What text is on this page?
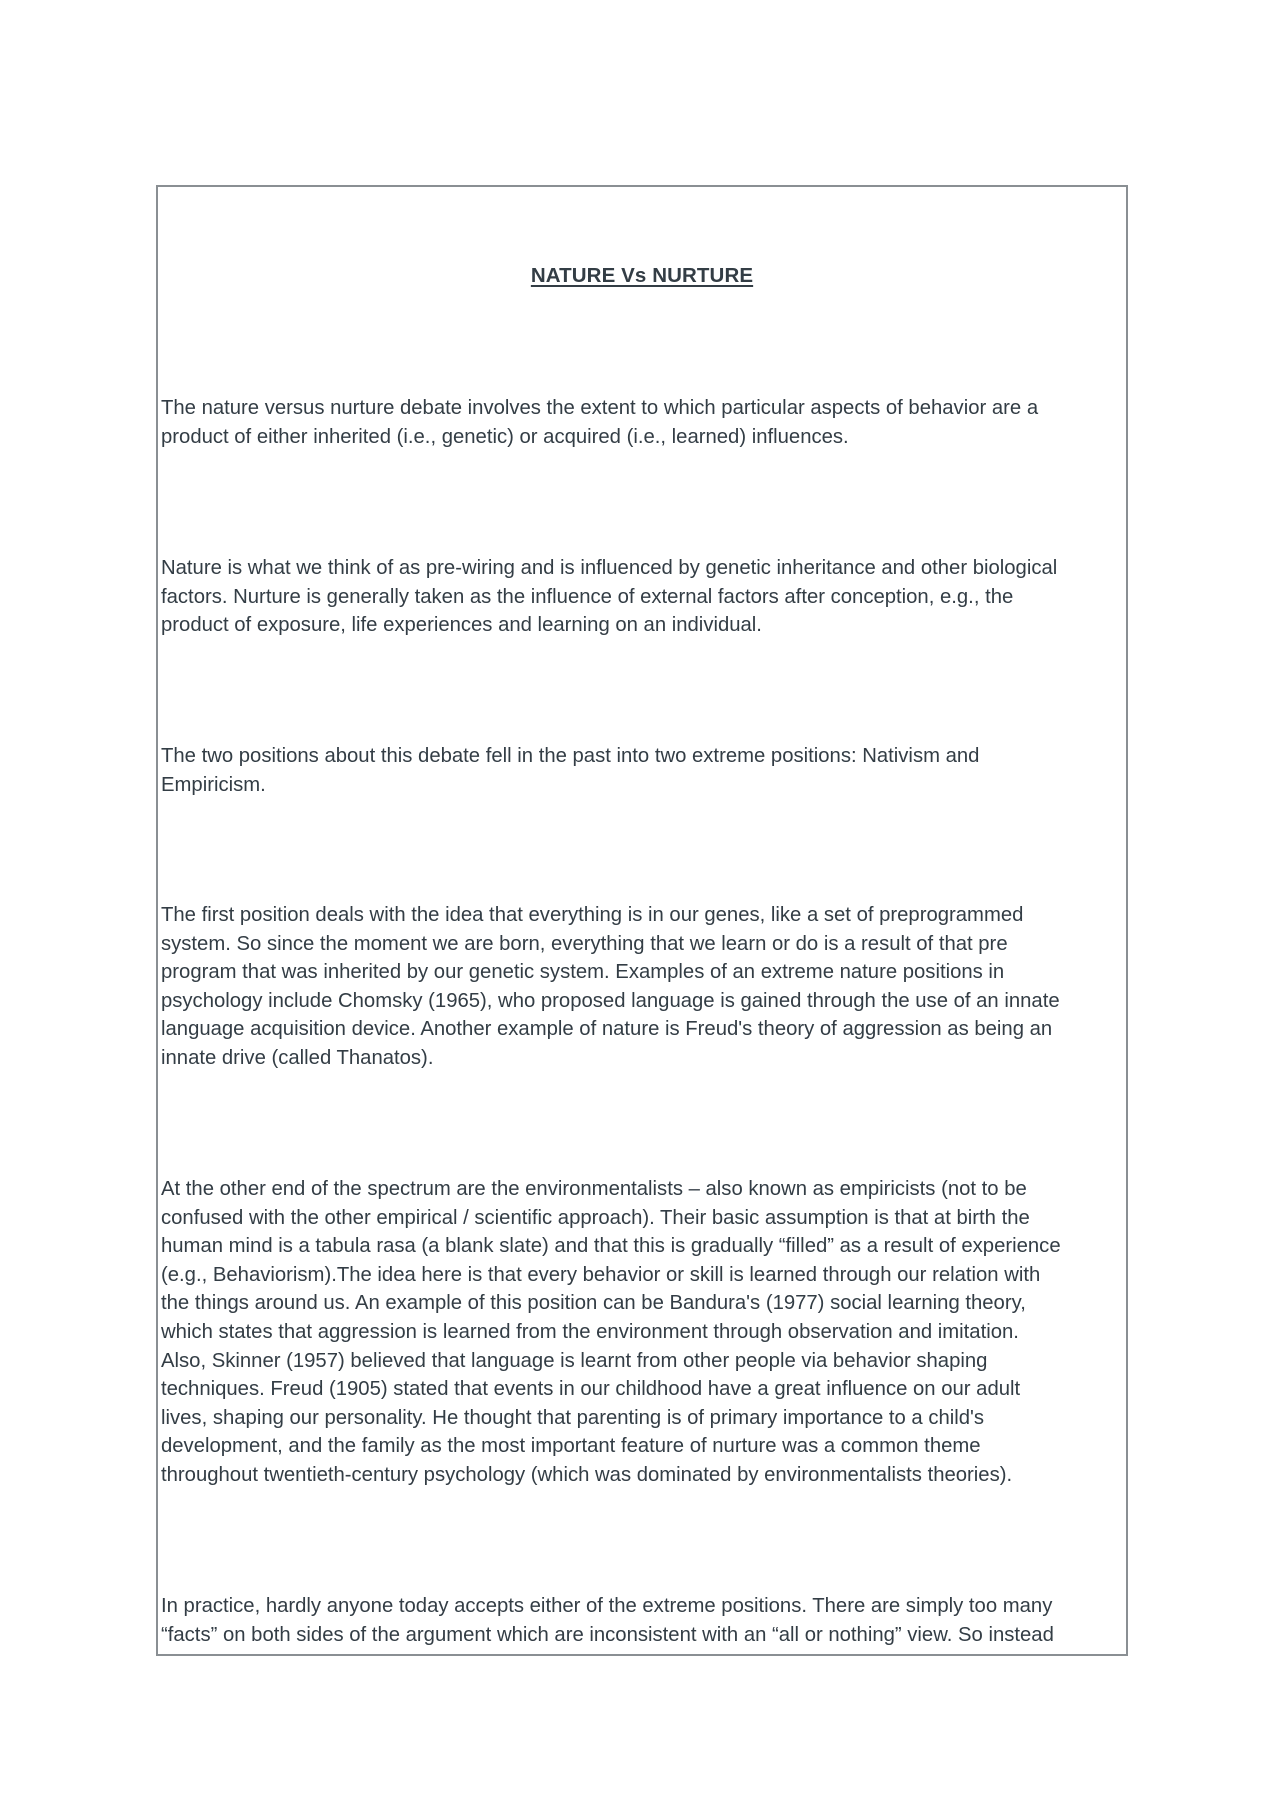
NATURE Vs NURTURE

The nature versus nurture debate involves the extent to which particular aspects of behavior are a
product of either inherited (i.e., genetic) or acquired (i.e., learned) influences.

Nature is what we think of as pre-wiring and is influenced by genetic inheritance and other biological
factors. Nurture is generally taken as the influence of external factors after conception, e.g., the
product of exposure, life experiences and learning on an individual.

The two positions about this debate fell in the past into two extreme positions: Nativism and
Empiricism.

The first position deals with the idea that everything is in our genes, like a set of preprogrammed
system. So since the moment we are born, everything that we learn or do is a result of that pre
program that was inherited by our genetic system. Examples of an extreme nature positions in
psychology include Chomsky (1965), who proposed language is gained through the use of an innate
language acquisition device. Another example of nature is Freud's theory of aggression as being an
innate drive (called Thanatos).

At the other end of the spectrum are the environmentalists – also known as empiricists (not to be
confused with the other empirical / scientific approach). Their basic assumption is that at birth the
human mind is a tabula rasa (a blank slate) and that this is gradually “filled” as a result of experience
(e.g., Behaviorism).The idea here is that every behavior or skill is learned through our relation with
the things around us. An example of this position can be Bandura's (1977) social learning theory,
which states that aggression is learned from the environment through observation and imitation.
Also, Skinner (1957) believed that language is learnt from other people via behavior shaping
techniques. Freud (1905) stated that events in our childhood have a great influence on our adult
lives, shaping our personality. He thought that parenting is of primary importance to a child's
development, and the family as the most important feature of nurture was a common theme
throughout twentieth-century psychology (which was dominated by environmentalists theories).

In practice, hardly anyone today accepts either of the extreme positions. There are simply too many
“facts” on both sides of the argument which are inconsistent with an “all or nothing” view. So instead
